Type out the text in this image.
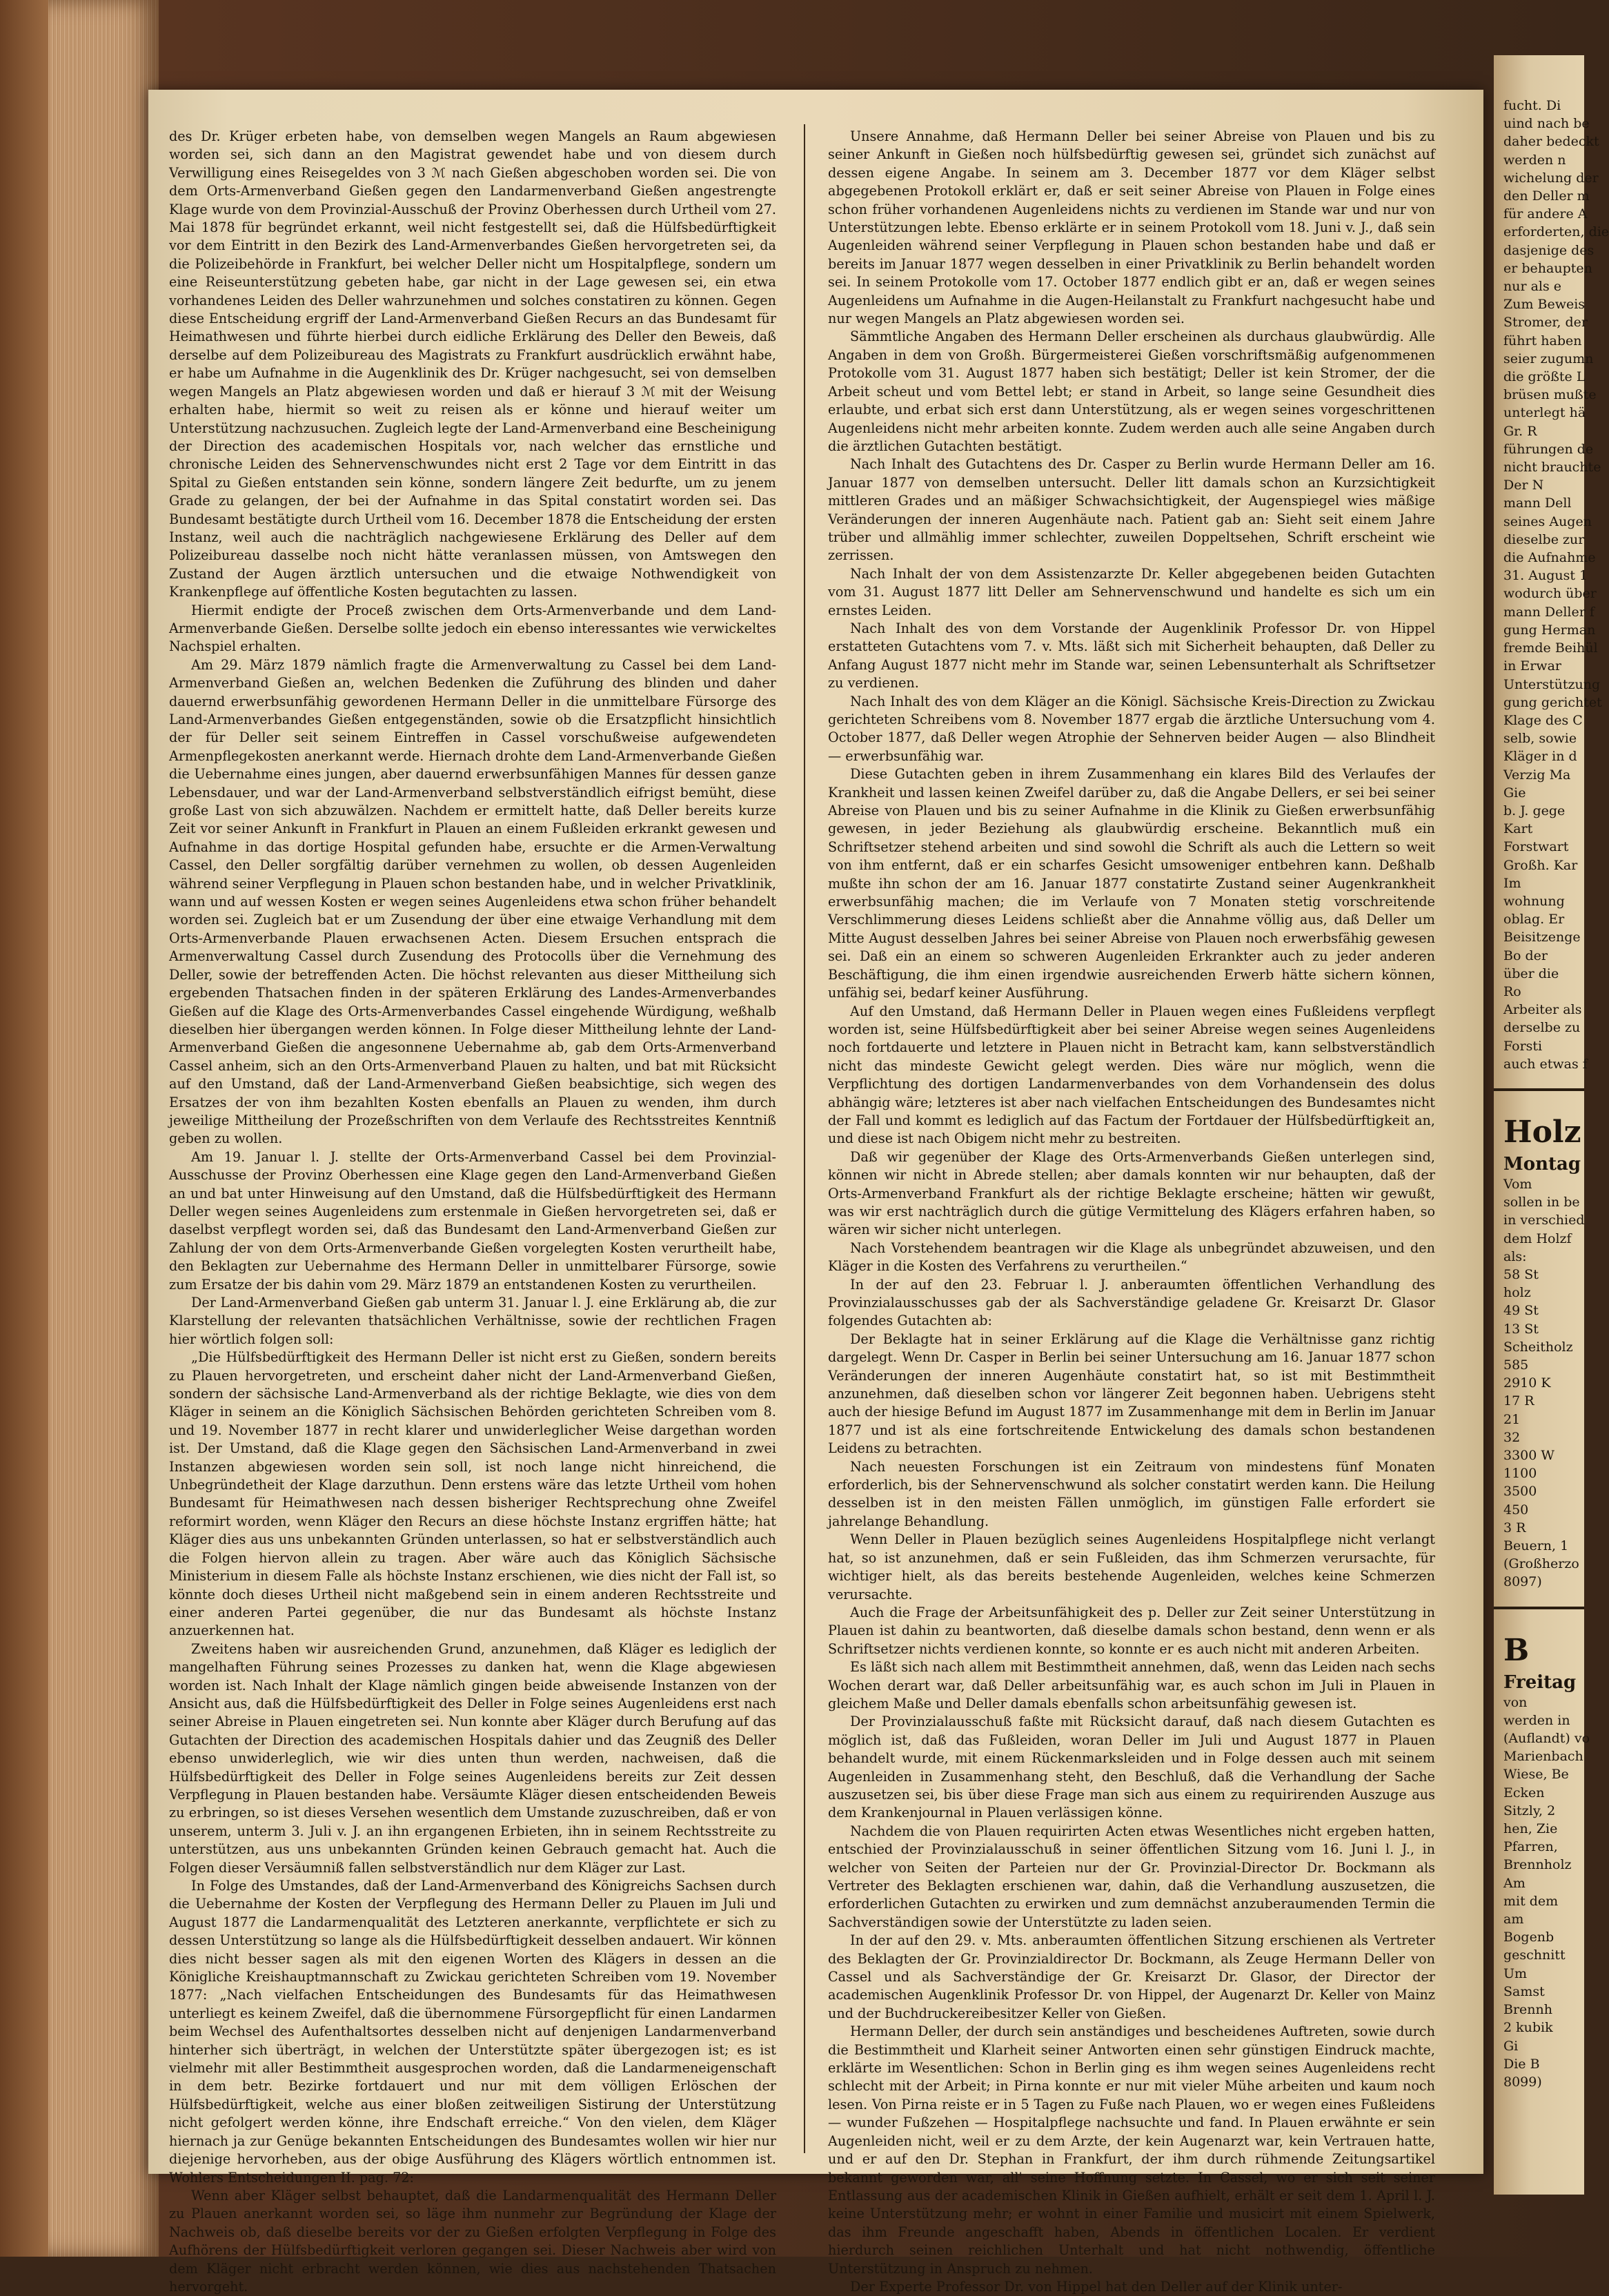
des Dr. Krüger erbeten habe, von demselben wegen Mangels an Raum abgewiesen worden sei, sich dann an den Magistrat gewendet habe und von diesem durch Verwilligung eines Reisegeldes von 3 ℳ nach Gießen abgeschoben worden sei. Die von dem Orts-Armenverband Gießen gegen den Landarmenverband Gießen angestrengte Klage wurde von dem Provinzial-Ausschuß der Provinz Oberhessen durch Urtheil vom 27. Mai 1878 für begründet erkannt, weil nicht festgestellt sei, daß die Hülfsbedürftigkeit vor dem Eintritt in den Bezirk des Land-Armenverbandes Gießen hervorgetreten sei, da die Polizeibehörde in Frankfurt, bei welcher Deller nicht um Hospitalpflege, sondern um eine Reiseunterstützung gebeten habe, gar nicht in der Lage gewesen sei, ein etwa vorhandenes Leiden des Deller wahrzunehmen und solches constatiren zu können. Gegen diese Entscheidung ergriff der Land-Armenverband Gießen Recurs an das Bundesamt für Heimathwesen und führte hierbei durch eidliche Erklärung des Deller den Beweis, daß derselbe auf dem Polizeibureau des Magistrats zu Frankfurt ausdrücklich erwähnt habe, er habe um Aufnahme in die Augenklinik des Dr. Krüger nachgesucht, sei von demselben wegen Mangels an Platz abgewiesen worden und daß er hierauf 3 ℳ mit der Weisung erhalten habe, hiermit so weit zu reisen als er könne und hierauf weiter um Unterstützung nachzusuchen. Zugleich legte der Land-Armenverband eine Bescheinigung der Direction des academischen Hospitals vor, nach welcher das ernstliche und chronische Leiden des Sehnervenschwundes nicht erst 2 Tage vor dem Eintritt in das Spital zu Gießen entstanden sein könne, sondern längere Zeit bedurfte, um zu jenem Grade zu gelangen, der bei der Aufnahme in das Spital constatirt worden sei. Das Bundesamt bestätigte durch Urtheil vom 16. December 1878 die Entscheidung der ersten Instanz, weil auch die nachträglich nachgewiesene Erklärung des Deller auf dem Polizeibureau dasselbe noch nicht hätte veranlassen müssen, von Amtswegen den Zustand der Augen ärztlich untersuchen und die etwaige Nothwendigkeit von Krankenpflege auf öffentliche Kosten begutachten zu lassen.

Hiermit endigte der Proceß zwischen dem Orts-Armenverbande und dem Land-Armenverbande Gießen. Derselbe sollte jedoch ein ebenso interessantes wie verwickeltes Nachspiel erhalten.

Am 29. März 1879 nämlich fragte die Armenverwaltung zu Cassel bei dem Land-Armenverband Gießen an, welchen Bedenken die Zuführung des blinden und daher dauernd erwerbsunfähig gewordenen Hermann Deller in die unmittelbare Fürsorge des Land-Armenverbandes Gießen entgegenständen, sowie ob die Ersatzpflicht hinsichtlich der für Deller seit seinem Eintreffen in Cassel vorschußweise aufgewendeten Armenpflegekosten anerkannt werde. Hiernach drohte dem Land-Armenverbande Gießen die Uebernahme eines jungen, aber dauernd erwerbsunfähigen Mannes für dessen ganze Lebensdauer, und war der Land-Armenverband selbstverständlich eifrigst bemüht, diese große Last von sich abzuwälzen. Nachdem er ermittelt hatte, daß Deller bereits kurze Zeit vor seiner Ankunft in Frankfurt in Plauen an einem Fußleiden erkrankt gewesen und Aufnahme in das dortige Hospital gefunden habe, ersuchte er die Armen-Verwaltung Cassel, den Deller sorgfältig darüber vernehmen zu wollen, ob dessen Augenleiden während seiner Verpflegung in Plauen schon bestanden habe, und in welcher Privatklinik, wann und auf wessen Kosten er wegen seines Augenleidens etwa schon früher behandelt worden sei. Zugleich bat er um Zusendung der über eine etwaige Verhandlung mit dem Orts-Armenverbande Plauen erwachsenen Acten. Diesem Ersuchen entsprach die Armenverwaltung Cassel durch Zusendung des Protocolls über die Vernehmung des Deller, sowie der betreffenden Acten. Die höchst relevanten aus dieser Mittheilung sich ergebenden Thatsachen finden in der späteren Erklärung des Landes-Armenverbandes Gießen auf die Klage des Orts-Armenverbandes Cassel eingehende Würdigung, weßhalb dieselben hier übergangen werden können. In Folge dieser Mittheilung lehnte der Land-Armenverband Gießen die angesonnene Uebernahme ab, gab dem Orts-Armenverband Cassel anheim, sich an den Orts-Armenverband Plauen zu halten, und bat mit Rücksicht auf den Umstand, daß der Land-Armenverband Gießen beabsichtige, sich wegen des Ersatzes der von ihm bezahlten Kosten ebenfalls an Plauen zu wenden, ihm durch jeweilige Mittheilung der Prozeßschriften von dem Verlaufe des Rechtsstreites Kenntniß geben zu wollen.

Am 19. Januar l. J. stellte der Orts-Armenverband Cassel bei dem Provinzial-Ausschusse der Provinz Oberhessen eine Klage gegen den Land-Armenverband Gießen an und bat unter Hinweisung auf den Umstand, daß die Hülfsbedürftigkeit des Hermann Deller wegen seines Augenleidens zum erstenmale in Gießen hervorgetreten sei, daß er daselbst verpflegt worden sei, daß das Bundesamt den Land-Armenverband Gießen zur Zahlung der von dem Orts-Armenverbande Gießen vorgelegten Kosten verurtheilt habe, den Beklagten zur Uebernahme des Hermann Deller in unmittelbarer Fürsorge, sowie zum Ersatze der bis dahin vom 29. März 1879 an entstandenen Kosten zu verurtheilen.

Der Land-Armenverband Gießen gab unterm 31. Januar l. J. eine Erklärung ab, die zur Klarstellung der relevanten thatsächlichen Verhältnisse, sowie der rechtlichen Fragen hier wörtlich folgen soll:

„Die Hülfsbedürftigkeit des Hermann Deller ist nicht erst zu Gießen, sondern bereits zu Plauen hervorgetreten, und erscheint daher nicht der Land-Armenverband Gießen, sondern der sächsische Land-Armenverband als der richtige Beklagte, wie dies von dem Kläger in seinem an die Königlich Sächsischen Behörden gerichteten Schreiben vom 8. und 19. November 1877 in recht klarer und unwiderleglicher Weise dargethan worden ist. Der Umstand, daß die Klage gegen den Sächsischen Land-Armenverband in zwei Instanzen abgewiesen worden sein soll, ist noch lange nicht hinreichend, die Unbegründetheit der Klage darzuthun. Denn erstens wäre das letzte Urtheil vom hohen Bundesamt für Heimathwesen nach dessen bisheriger Rechtsprechung ohne Zweifel reformirt worden, wenn Kläger den Recurs an diese höchste Instanz ergriffen hätte; hat Kläger dies aus uns unbekannten Gründen unterlassen, so hat er selbstverständlich auch die Folgen hiervon allein zu tragen. Aber wäre auch das Königlich Sächsische Ministerium in diesem Falle als höchste Instanz erschienen, wie dies nicht der Fall ist, so könnte doch dieses Urtheil nicht maßgebend sein in einem anderen Rechtsstreite und einer anderen Partei gegenüber, die nur das Bundesamt als höchste Instanz anzuerkennen hat.

Zweitens haben wir ausreichenden Grund, anzunehmen, daß Kläger es lediglich der mangelhaften Führung seines Prozesses zu danken hat, wenn die Klage abgewiesen worden ist. Nach Inhalt der Klage nämlich gingen beide abweisende Instanzen von der Ansicht aus, daß die Hülfsbedürftigkeit des Deller in Folge seines Augenleidens erst nach seiner Abreise in Plauen eingetreten sei. Nun konnte aber Kläger durch Berufung auf das Gutachten der Direction des academischen Hospitals dahier und das Zeugniß des Deller ebenso unwiderleglich, wie wir dies unten thun werden, nachweisen, daß die Hülfsbedürftigkeit des Deller in Folge seines Augenleidens bereits zur Zeit dessen Verpflegung in Plauen bestanden habe. Versäumte Kläger diesen entscheidenden Beweis zu erbringen, so ist dieses Versehen wesentlich dem Umstande zuzuschreiben, daß er von unserem, unterm 3. Juli v. J. an ihn ergangenen Erbieten, ihn in seinem Rechtsstreite zu unterstützen, aus uns unbekannten Gründen keinen Gebrauch gemacht hat. Auch die Folgen dieser Versäumniß fallen selbstverständlich nur dem Kläger zur Last.

In Folge des Umstandes, daß der Land-Armenverband des Königreichs Sachsen durch die Uebernahme der Kosten der Verpflegung des Hermann Deller zu Plauen im Juli und August 1877 die Landarmenqualität des Letzteren anerkannte, verpflichtete er sich zu dessen Unterstützung so lange als die Hülfsbedürftigkeit desselben andauert. Wir können dies nicht besser sagen als mit den eigenen Worten des Klägers in dessen an die Königliche Kreishauptmannschaft zu Zwickau gerichteten Schreiben vom 19. November 1877: „Nach vielfachen Entscheidungen des Bundesamts für das Heimathwesen unterliegt es keinem Zweifel, daß die übernommene Fürsorgepflicht für einen Landarmen beim Wechsel des Aufenthaltsortes desselben nicht auf denjenigen Landarmenverband hinterher sich überträgt, in welchen der Unterstützte später übergezogen ist; es ist vielmehr mit aller Bestimmtheit ausgesprochen worden, daß die Landarmeneigenschaft in dem betr. Bezirke fortdauert und nur mit dem völligen Erlöschen der Hülfsbedürftigkeit, welche aus einer bloßen zeitweiligen Sistirung der Unterstützung nicht gefolgert werden könne, ihre Endschaft erreiche.“ Von den vielen, dem Kläger hiernach ja zur Genüge bekannten Entscheidungen des Bundesamtes wollen wir hier nur diejenige hervorheben, aus der obige Ausführung des Klägers wörtlich entnommen ist. Wohlers Entscheidungen II. pag. 72:

Wenn aber Kläger selbst behauptet, daß die Landarmenqualität des Hermann Deller zu Plauen anerkannt worden sei, so läge ihm nunmehr zur Begründung der Klage der Nachweis ob, daß dieselbe bereits vor der zu Gießen erfolgten Verpflegung in Folge des Aufhörens der Hülfsbedürftigkeit verloren gegangen sei. Dieser Nachweis aber wird von dem Kläger nicht erbracht werden können, wie dies aus nachstehenden Thatsachen hervorgeht.

Unsere Annahme, daß Hermann Deller bei seiner Abreise von Plauen und bis zu seiner Ankunft in Gießen noch hülfsbedürftig gewesen sei, gründet sich zunächst auf dessen eigene Angabe. In seinem am 3. December 1877 vor dem Kläger selbst abgegebenen Protokoll erklärt er, daß er seit seiner Abreise von Plauen in Folge eines schon früher vorhandenen Augenleidens nichts zu verdienen im Stande war und nur von Unterstützungen lebte. Ebenso erklärte er in seinem Protokoll vom 18. Juni v. J., daß sein Augenleiden während seiner Verpflegung in Plauen schon bestanden habe und daß er bereits im Januar 1877 wegen desselben in einer Privatklinik zu Berlin behandelt worden sei. In seinem Protokolle vom 17. October 1877 endlich gibt er an, daß er wegen seines Augenleidens um Aufnahme in die Augen-Heilanstalt zu Frankfurt nachgesucht habe und nur wegen Mangels an Platz abgewiesen worden sei.

Sämmtliche Angaben des Hermann Deller erscheinen als durchaus glaubwürdig. Alle Angaben in dem von Großh. Bürgermeisterei Gießen vorschriftsmäßig aufgenommenen Protokolle vom 31. August 1877 haben sich bestätigt; Deller ist kein Stromer, der die Arbeit scheut und vom Bettel lebt; er stand in Arbeit, so lange seine Gesundheit dies erlaubte, und erbat sich erst dann Unterstützung, als er wegen seines vorgeschrittenen Augenleidens nicht mehr arbeiten konnte. Zudem werden auch alle seine Angaben durch die ärztlichen Gutachten bestätigt.

Nach Inhalt des Gutachtens des Dr. Casper zu Berlin wurde Hermann Deller am 16. Januar 1877 von demselben untersucht. Deller litt damals schon an Kurzsichtigkeit mittleren Grades und an mäßiger Schwachsichtigkeit, der Augenspiegel wies mäßige Veränderungen der inneren Augenhäute nach. Patient gab an: Sieht seit einem Jahre trüber und allmählig immer schlechter, zuweilen Doppeltsehen, Schrift erscheint wie zerrissen.

Nach Inhalt der von dem Assistenzarzte Dr. Keller abgegebenen beiden Gutachten vom 31. August 1877 litt Deller am Sehnervenschwund und handelte es sich um ein ernstes Leiden.

Nach Inhalt des von dem Vorstande der Augenklinik Professor Dr. von Hippel erstatteten Gutachtens vom 7. v. Mts. läßt sich mit Sicherheit behaupten, daß Deller zu Anfang August 1877 nicht mehr im Stande war, seinen Lebensunterhalt als Schriftsetzer zu verdienen.

Nach Inhalt des von dem Kläger an die Königl. Sächsische Kreis-Direction zu Zwickau gerichteten Schreibens vom 8. November 1877 ergab die ärztliche Untersuchung vom 4. October 1877, daß Deller wegen Atrophie der Sehnerven beider Augen — also Blindheit — erwerbsunfähig war.

Diese Gutachten geben in ihrem Zusammenhang ein klares Bild des Verlaufes der Krankheit und lassen keinen Zweifel darüber zu, daß die Angabe Dellers, er sei bei seiner Abreise von Plauen und bis zu seiner Aufnahme in die Klinik zu Gießen erwerbsunfähig gewesen, in jeder Beziehung als glaubwürdig erscheine. Bekanntlich muß ein Schriftsetzer stehend arbeiten und sind sowohl die Schrift als auch die Lettern so weit von ihm entfernt, daß er ein scharfes Gesicht umsoweniger entbehren kann. Deßhalb mußte ihn schon der am 16. Januar 1877 constatirte Zustand seiner Augenkrankheit erwerbsunfähig machen; die im Verlaufe von 7 Monaten stetig vorschreitende Verschlimmerung dieses Leidens schließt aber die Annahme völlig aus, daß Deller um Mitte August desselben Jahres bei seiner Abreise von Plauen noch erwerbsfähig gewesen sei. Daß ein an einem so schweren Augenleiden Erkrankter auch zu jeder anderen Beschäftigung, die ihm einen irgendwie ausreichenden Erwerb hätte sichern können, unfähig sei, bedarf keiner Ausführung.

Auf den Umstand, daß Hermann Deller in Plauen wegen eines Fußleidens verpflegt worden ist, seine Hülfsbedürftigkeit aber bei seiner Abreise wegen seines Augenleidens noch fortdauerte und letztere in Plauen nicht in Betracht kam, kann selbstverständlich nicht das mindeste Gewicht gelegt werden. Dies wäre nur möglich, wenn die Verpflichtung des dortigen Landarmenverbandes von dem Vorhandensein des dolus abhängig wäre; letzteres ist aber nach vielfachen Entscheidungen des Bundesamtes nicht der Fall und kommt es lediglich auf das Factum der Fortdauer der Hülfsbedürftigkeit an, und diese ist nach Obigem nicht mehr zu bestreiten.

Daß wir gegenüber der Klage des Orts-Armenverbands Gießen unterlegen sind, können wir nicht in Abrede stellen; aber damals konnten wir nur behaupten, daß der Orts-Armenverband Frankfurt als der richtige Beklagte erscheine; hätten wir gewußt, was wir erst nachträglich durch die gütige Vermittelung des Klägers erfahren haben, so wären wir sicher nicht unterlegen.

Nach Vorstehendem beantragen wir die Klage als unbegründet abzuweisen, und den Kläger in die Kosten des Verfahrens zu verurtheilen.“

In der auf den 23. Februar l. J. anberaumten öffentlichen Verhandlung des Provinzialausschusses gab der als Sachverständige geladene Gr. Kreisarzt Dr. Glasor folgendes Gutachten ab:

Der Beklagte hat in seiner Erklärung auf die Klage die Verhältnisse ganz richtig dargelegt. Wenn Dr. Casper in Berlin bei seiner Untersuchung am 16. Januar 1877 schon Veränderungen der inneren Augenhäute constatirt hat, so ist mit Bestimmtheit anzunehmen, daß dieselben schon vor längerer Zeit begonnen haben. Uebrigens steht auch der hiesige Befund im August 1877 im Zusammenhange mit dem in Berlin im Januar 1877 und ist als eine fortschreitende Entwickelung des damals schon bestandenen Leidens zu betrachten.

Nach neuesten Forschungen ist ein Zeitraum von mindestens fünf Monaten erforderlich, bis der Sehnervenschwund als solcher constatirt werden kann. Die Heilung desselben ist in den meisten Fällen unmöglich, im günstigen Falle erfordert sie jahrelange Behandlung.

Wenn Deller in Plauen bezüglich seines Augenleidens Hospitalpflege nicht verlangt hat, so ist anzunehmen, daß er sein Fußleiden, das ihm Schmerzen verursachte, für wichtiger hielt, als das bereits bestehende Augenleiden, welches keine Schmerzen verursachte.

Auch die Frage der Arbeitsunfähigkeit des p. Deller zur Zeit seiner Unterstützung in Plauen ist dahin zu beantworten, daß dieselbe damals schon bestand, denn wenn er als Schriftsetzer nichts verdienen konnte, so konnte er es auch nicht mit anderen Arbeiten.

Es läßt sich nach allem mit Bestimmtheit annehmen, daß, wenn das Leiden nach sechs Wochen derart war, daß Deller arbeitsunfähig war, es auch schon im Juli in Plauen in gleichem Maße und Deller damals ebenfalls schon arbeitsunfähig gewesen ist.

Der Provinzialausschuß faßte mit Rücksicht darauf, daß nach diesem Gutachten es möglich ist, daß das Fußleiden, woran Deller im Juli und August 1877 in Plauen behandelt wurde, mit einem Rückenmarksleiden und in Folge dessen auch mit seinem Augenleiden in Zusammenhang steht, den Beschluß, daß die Verhandlung der Sache auszusetzen sei, bis über diese Frage man sich aus einem zu requirirenden Auszuge aus dem Krankenjournal in Plauen verlässigen könne.

Nachdem die von Plauen requirirten Acten etwas Wesentliches nicht ergeben hatten, entschied der Provinzialausschuß in seiner öffentlichen Sitzung vom 16. Juni l. J., in welcher von Seiten der Parteien nur der Gr. Provinzial-Director Dr. Bockmann als Vertreter des Beklagten erschienen war, dahin, daß die Verhandlung auszusetzen, die erforderlichen Gutachten zu erwirken und zum demnächst anzuberaumenden Termin die Sachverständigen sowie der Unterstützte zu laden seien.

In der auf den 29. v. Mts. anberaumten öffentlichen Sitzung erschienen als Vertreter des Beklagten der Gr. Provinzialdirector Dr. Bockmann, als Zeuge Hermann Deller von Cassel und als Sachverständige der Gr. Kreisarzt Dr. Glasor, der Director der academischen Augenklinik Professor Dr. von Hippel, der Augenarzt Dr. Keller von Mainz und der Buchdruckereibesitzer Keller von Gießen.

Hermann Deller, der durch sein anständiges und bescheidenes Auftreten, sowie durch die Bestimmtheit und Klarheit seiner Antworten einen sehr günstigen Eindruck machte, erklärte im Wesentlichen: Schon in Berlin ging es ihm wegen seines Augenleidens recht schlecht mit der Arbeit; in Pirna konnte er nur mit vieler Mühe arbeiten und kaum noch lesen. Von Pirna reiste er in 5 Tagen zu Fuße nach Plauen, wo er wegen eines Fußleidens — wunder Fußzehen — Hospitalpflege nachsuchte und fand. In Plauen erwähnte er sein Augenleiden nicht, weil er zu dem Arzte, der kein Augenarzt war, kein Vertrauen hatte, und er auf den Dr. Stephan in Frankfurt, der ihm durch rühmende Zeitungsartikel bekannt geworden war, all' seine Hoffnung setzte. In Cassel, wo er sich seit seiner Entlassung aus der academischen Klinik in Gießen aufhielt, erhält er seit dem 1. April l. J. keine Unterstützung mehr; er wohnt in einer Familie und musicirt mit einem Spielwerk, das ihm Freunde angeschafft haben, Abends in öffentlichen Localen. Er verdient hierdurch seinen reichlichen Unterhalt und hat nicht nothwendig, öffentliche Unterstützung in Anspruch zu nehmen.

Der Experte Professor Dr. von Hippel hat den Deller auf der Klinik unter-

fucht. Di
uind nach be
daher bedeckt
werden n
wichelung der
den Deller m
für andere A
erforderten, die
dasjenige des
er behaupten
nur als e
Zum Beweis
Stromer, der
führt haben
seier zugumn
die größte L
brüsen mußte
unterlegt hä
Gr. R
führungen de
nicht brauchte
Der N
mann Dell
seines Augen
dieselbe zur
die Aufnahme
31. August 1
wodurch über
mann Deller f
gung Herman
fremde Beihül
in Erwar
Unterstützung
gung gerichtet
Klage des C
selb, sowie
Kläger in d
Verzig Ma
Gie
b. J. gege
Kart
Forstwart
Großh. Kar
Im
wohnung
oblag. Er
Beisitzenge
Bo der
über die
Ro
Arbeiter als
derselbe zu
Forsti
auch etwas f
Holz
Montag
Vom
sollen in be
in verschied
dem Holzf
als:
58 St
holz
49 St
13 St
Scheitholz
585
2910 K
17 R
21
32
3300 W
1100
3500
450
3 R
Beuern, 1
(Großherzo
8097)
B
Freitag
von
werden in
(Auflandt) vo
Marienbach
Wiese, Be
Ecken
Sitzly, 2
hen, Zie
Pfarren,
Brennholz
Am
mit dem
am
Bogenb
geschnitt
Um
Samst
Brennh
2 kubik
Gi
Die B
8099)
